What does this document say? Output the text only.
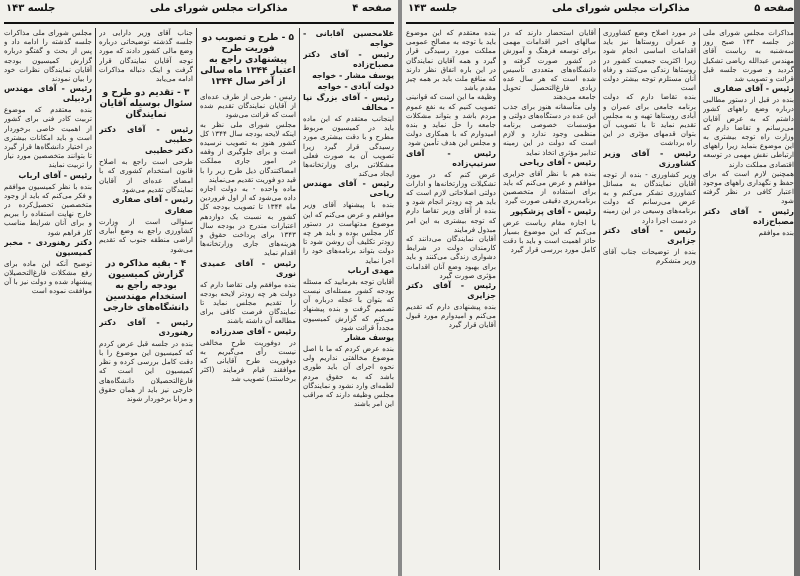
صفحه ۴
مذاکرات مجلس شورای ملی
جلسه ۱۴۳

مجلس شورای ملی مذاکرات جلسه گذشته را ادامه داد و پس از بحث و گفتگو درباره گزارش کمیسیون بودجه آقایان نمایندگان نظرات خود را بیان نمودند

رئیس - آقای مهندس اردبیلی

بنده معتقدم که موضوع تربیت کادر فنی برای کشور از اهمیت خاصی برخوردار است و باید امکانات بیشتری در اختیار دانشگاه‌ها قرار گیرد تا بتوانند متخصصین مورد نیاز را تربیت نمایند

رئیس - آقای ارباب

بنده با نظر کمیسیون موافقم و فکر می‌کنم که باید از وجود متخصصین تحصیل‌کرده در خارج نهایت استفاده را ببریم و برای آنان شرایط مناسب کار فراهم شود

دکتر رهنوردی - مخبر کمیسیون

توضیح آنکه این ماده برای رفع مشکلات فارغ‌التحصیلان پیشنهاد شده و دولت نیز با آن موافقت نموده است

جناب آقای وزیر دارایی در جلسه گذشته توضیحاتی درباره وضع مالی کشور دادند که مورد توجه آقایان نمایندگان قرار گرفت و اینک دنباله مذاکرات ادامه می‌یابد

۳ - تقدیم دو طرح و سئوال بوسیله آقایان نمایندگان

رئیس - آقای دکتر خطیبی

دکتر خطیبی

طرحی است راجع به اصلاح قانون استخدام کشوری که با امضای عده‌ای از آقایان نمایندگان تقدیم می‌شود

رئیس - آقای صفاری

صفاری

سئوالی است از وزارت کشاورزی راجع به وضع آبیاری اراضی منطقه جنوب که تقدیم می‌شود

۴ - بقیه مذاکره در گزارش کمیسیون بودجه راجع به استخدام مهندسین دانشگاه‌های خارجی

رئیس - آقای دکتر رهنوردی

بنده در جلسه قبل عرض کردم که کمیسیون این موضوع را با دقت کامل بررسی کرده و نظر کمیسیون این است که فارغ‌التحصیلان دانشگاه‌های خارجی نیز باید از همان حقوق و مزایا برخوردار شوند

۵ - طرح و تصویب دو فوریت طرح پیشنهادی راجع به اعتبار ۱۳۴۴ ماه سالی از آخر سال ۱۳۴۴

رئیس - طرحی از طرف عده‌ای از آقایان نمایندگان تقدیم شده است که قرائت می‌شود

مجلس شورای ملی نظر به اینکه لایحه بودجه سال ۱۳۴۴ کل کشور هنوز به تصویب نرسیده است و برای جلوگیری از وقفه در امور جاری مملکت امضاکنندگان ذیل طرح زیر را با قید دو فوریت تقدیم می‌نمایند

ماده واحده - به دولت اجازه داده می‌شود که از اول فروردین ماه ۱۳۴۴ تا تصویب بودجه کل کشور به نسبت یک دوازدهم اعتبارات مندرج در بودجه سال ۱۳۴۳ برای پرداخت حقوق و هزینه‌های جاری وزارتخانه‌ها اقدام نماید

رئیس - آقای عمیدی نوری

بنده موافقم ولی تقاضا دارم که دولت هر چه زودتر لایحه بودجه را تقدیم مجلس نماید تا نمایندگان فرصت کافی برای مطالعه آن داشته باشند

رئیس - آقای صدرزاده

در دوفوریت طرح مخالفی نیست رأی می‌گیریم به دوفوریت طرح آقایانی که موافقند قیام فرمایند (اکثر برخاستند) تصویب شد

غلامحسین آقابانی - خواجه

رئیس - آقای دکتر مصباح‌زاده

یوسف مشار - خواجه

دولت آبادی - خواجه

رئیس - آقای بزرگ نیا - مخالف

اینجانب معتقدم که این ماده باید در کمیسیون مربوط مطرح و با دقت بیشتری مورد رسیدگی قرار گیرد زیرا تصویب آن به صورت فعلی مشکلاتی برای وزارتخانه‌ها ایجاد می‌کند

رئیس - آقای مهندس ریاحی

بنده با پیشنهاد آقای وزیر موافقم و عرض می‌کنم که این موضوع مدتهاست در دستور کار مجلس بوده و باید هر چه زودتر تکلیف آن روشن شود تا دولت بتواند برنامه‌های خود را اجرا نماید

مهدی ارباب

آقایان توجه بفرمایید که مسئله بودجه کشور مسئله‌ای نیست که بتوان با عجله درباره آن تصمیم گرفت و بنده پیشنهاد می‌کنم که گزارش کمیسیون مجدداً قرائت شود

یوسف مشار

بنده عرض کردم که ما با اصل موضوع مخالفتی نداریم ولی نحوه اجرای آن باید طوری باشد که به حقوق مردم لطمه‌ای وارد نشود و نمایندگان مجلس وظیفه دارند که مراقب این امر باشند

صفحه ۵
مذاکرات مجلس شورای ملی
جلسه ۱۴۳

بنده معتقدم که این موضوع باید با توجه به مصالح عمومی مملکت مورد رسیدگی قرار گیرد و همه آقایان نمایندگان در این باره اتفاق نظر دارند که منافع ملت باید بر همه چیز مقدم باشد

وظیفه ما این است که قوانینی تصویب کنیم که به نفع عموم مردم باشد و بتواند مشکلات جامعه را حل نماید و بنده امیدوارم که با همکاری دولت و مجلس این هدف تأمین شود

رئیس - آقای سرتیپ‌زاده

عرض کنم که در مورد تشکیلات وزارتخانه‌ها و ادارات دولتی اصلاحاتی لازم است که باید هر چه زودتر انجام شود و بنده از آقای وزیر تقاضا دارم که توجه بیشتری به این امر مبذول فرمایند

آقایان نمایندگان می‌دانند که کارمندان دولت در شرایط دشواری زندگی می‌کنند و باید برای بهبود وضع آنان اقدامات مؤثری صورت گیرد

رئیس - آقای دکتر جزایری

بنده پیشنهادی دارم که تقدیم می‌کنم و امیدوارم مورد قبول آقایان قرار گیرد

آقایان استحضار دارند که در سالهای اخیر اقدامات مهمی برای توسعه فرهنگ و آموزش در کشور صورت گرفته و دانشگاه‌های متعددی تأسیس شده است که هر سال عده زیادی فارغ‌التحصیل تحویل جامعه می‌دهند

ولی متأسفانه هنوز برای جذب این عده در دستگاه‌های دولتی و مؤسسات خصوصی برنامه منظمی وجود ندارد و لازم است که دولت در این زمینه تدابیر مؤثری اتخاذ نماید

رئیس - آقای ریاحی

بنده هم با نظر آقای جزایری موافقم و عرض می‌کنم که باید برای استفاده از متخصصین برنامه‌ریزی دقیقی صورت گیرد

رئیس - آقای پزشکپور

با اجازه مقام ریاست عرض می‌کنم که این موضوع بسیار حائز اهمیت است و باید با دقت کامل مورد بررسی قرار گیرد

در مورد اصلاح وضع کشاورزی و عمران روستاها نیز باید اقدامات اساسی انجام شود زیرا اکثریت جمعیت کشور در روستاها زندگی می‌کنند و رفاه آنان مستلزم توجه بیشتر دولت است

بنده تقاضا دارم که دولت برنامه جامعی برای عمران و آبادی روستاها تهیه و به مجلس تقدیم نماید تا با تصویب آن بتوان قدمهای مؤثری در این راه برداشت

رئیس - آقای وزیر کشاورزی

وزیر کشاورزی - بنده از توجه آقایان نمایندگان به مسائل کشاورزی تشکر می‌کنم و به عرض می‌رسانم که دولت برنامه‌های وسیعی در این زمینه در دست اجرا دارد

رئیس - آقای دکتر جزایری

بنده از توضیحات جناب آقای وزیر متشکرم

مذاکرات مجلس شورای ملی در جلسه ۱۴۳ صبح روز سه‌شنبه به ریاست آقای مهندس عبدالله ریاضی تشکیل گردید و صورت جلسه قبل قرائت و تصویب شد

رئیس - آقای صفاری

بنده در قبل از دستور مطالبی درباره وضع راههای کشور داشتم که به عرض آقایان می‌رسانم و تقاضا دارم که وزارت راه توجه بیشتری به این موضوع بنماید زیرا راههای ارتباطی نقش مهمی در توسعه اقتصادی مملکت دارند

همچنین لازم است که برای حفظ و نگهداری راههای موجود اعتبار کافی در نظر گرفته شود

رئیس - آقای دکتر مصباح‌زاده

بنده موافقم
